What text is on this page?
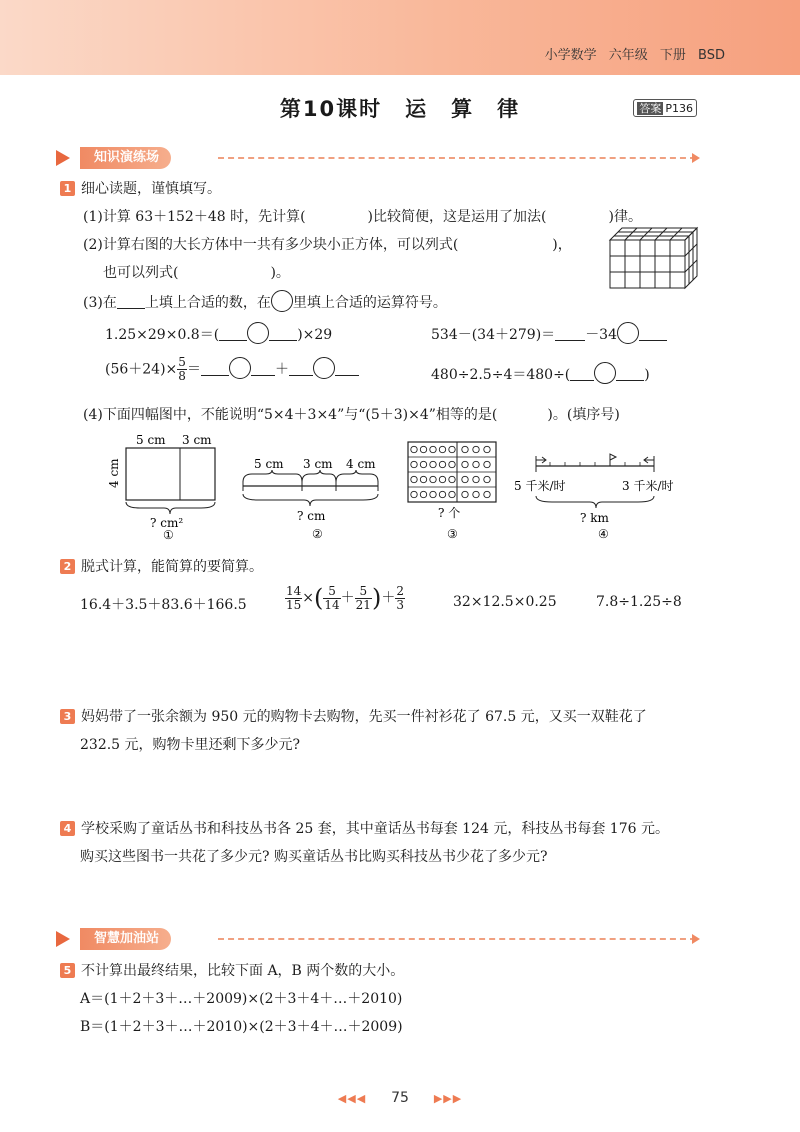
小学数学 六年级 下册 BSD
第10课时　运　算　律	答案 P136
知识演练场
1 细心读题，谨慎填写。
(1)计算 63＋152＋48 时，先计算(	)比较简便，这是运用了加法(	)律。
(2)计算右图的大长方体中一共有多少块小正方体，可以列式(	)，
也可以列式(	)。
(3)在 上填上合适的数，在 里填上合适的运算符号。
1.25×29×0.8＝(	)×29	534－(34＋279)＝ －34
$(56+24)\times \frac{5}{8}$ ＝	＋	480÷2.5÷4＝480÷(	)
(4)下面四幅图中，不能说明“5×4＋3×4”与“(5＋3)×4”相等的是(	)。(填序号)
5 cm 3 cm
4 cm
? cm²
①
5 cm 3 cm 4 cm
? cm
②
? 个
③
5 千米/时	3 千米/时
? km
④
2 脱式计算，能简算的要简算。
16.4＋3.5＋83.6＋166.5	$\frac{14}{15}$ ×( $\frac{5}{14} + \frac{5}{21}$ )＋ $\frac{2}{3}$	32×12.5×0.25	7.8÷1.25÷8
3 妈妈带了一张余额为 950 元的购物卡去购物，先买一件衬衫花了 67.5 元，又买一双鞋花了
232.5 元，购物卡里还剩下多少元?
4 学校采购了童话丛书和科技丛书各 25 套，其中童话丛书每套 124 元，科技丛书每套 176 元。
购买这些图书一共花了多少元? 购买童话丛书比购买科技丛书少花了多少元?
智慧加油站
5 不计算出最终结果，比较下面 A，B 两个数的大小。
A＝(1＋2＋3＋…＋2009)×(2＋3＋4＋…＋2010)
B＝(1＋2＋3＋…＋2010)×(2＋3＋4＋…＋2009)
◀◀◀ 75 ▶▶▶
